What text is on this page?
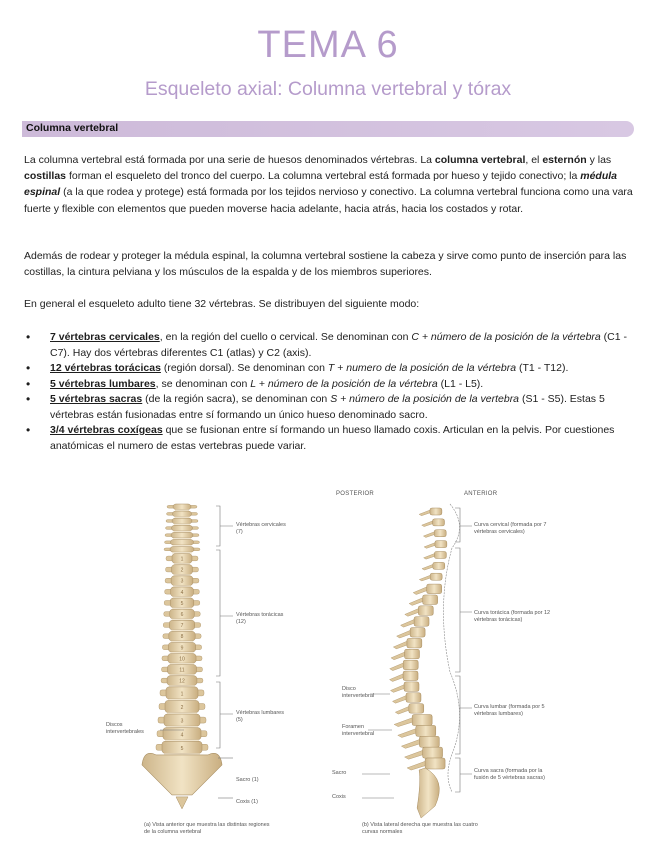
TEMA 6
Esqueleto axial: Columna vertebral y tórax
Columna vertebral

La columna vertebral está formada por una serie de huesos denominados vértebras. La columna vertebral, el esternón y las costillas forman el esqueleto del tronco del cuerpo. La columna vertebral está formada por hueso y tejido conectivo; la médula espinal (a la que rodea y protege) está formada por los tejidos nervioso y conectivo. La columna vertebral funciona como una vara fuerte y flexible con elementos que pueden moverse hacia adelante, hacia atrás, hacia los costados y rotar.

Además de rodear y proteger la médula espinal, la columna vertebral sostiene la cabeza y sirve como punto de inserción para las costillas, la cintura pelviana y los músculos de la espalda y de los miembros superiores.

En general el esqueleto adulto tiene 32 vértebras. Se distribuyen del siguiente modo:

• 7 vértebras cervicales, en la región del cuello o cervical. Se denominan con C + número de la posición de la vértebra (C1 - C7). Hay dos vértebras diferentes C1 (atlas) y C2 (axis).
• 12 vértebras torácicas (región dorsal). Se denominan con T + numero de la posición de la vértebra (T1 - T12).
• 5 vértebras lumbares, se denominan con L + número de la posición de la vértebra (L1 - L5).
• 5 vértebras sacras (de la región sacra), se denominan con S + número de la posición de la vertebra (S1 - S5). Estas 5 vértebras están fusionadas entre sí formando un único hueso denominado sacro.
• 3/4 vértebras coxígeas que se fusionan entre sí formando un hueso llamado coxis. Articulan en la pelvis. Por cuestiones anatómicas el numero de estas vertebras puede variar.
1
2
3
4
5
6
7
8
9
10
11
12
1
2
3
4
5
POSTERIOR	ANTERIOR
Vértebras cervicales (7)
Vértebras torácicas (12)
Vértebras lumbares (5)
Discos intervertebrales
Sacro (1)
Coxis (1)
Curva cervical (formada por 7 vértebras cervicales)
Curva torácica (formada por 12 vértebras torácicas)
Curva lumbar (formada por 5 vértebras lumbares)
Curva sacra (formada por la fusión de 5 vértebras sacras)
Disco intervertebral
Foramen intervertebral
Sacro
Coxis
(a) Vista anterior que muestra las distintas regiones de la columna vertebral
(b) Vista lateral derecha que muestra las cuatro curvas normales
